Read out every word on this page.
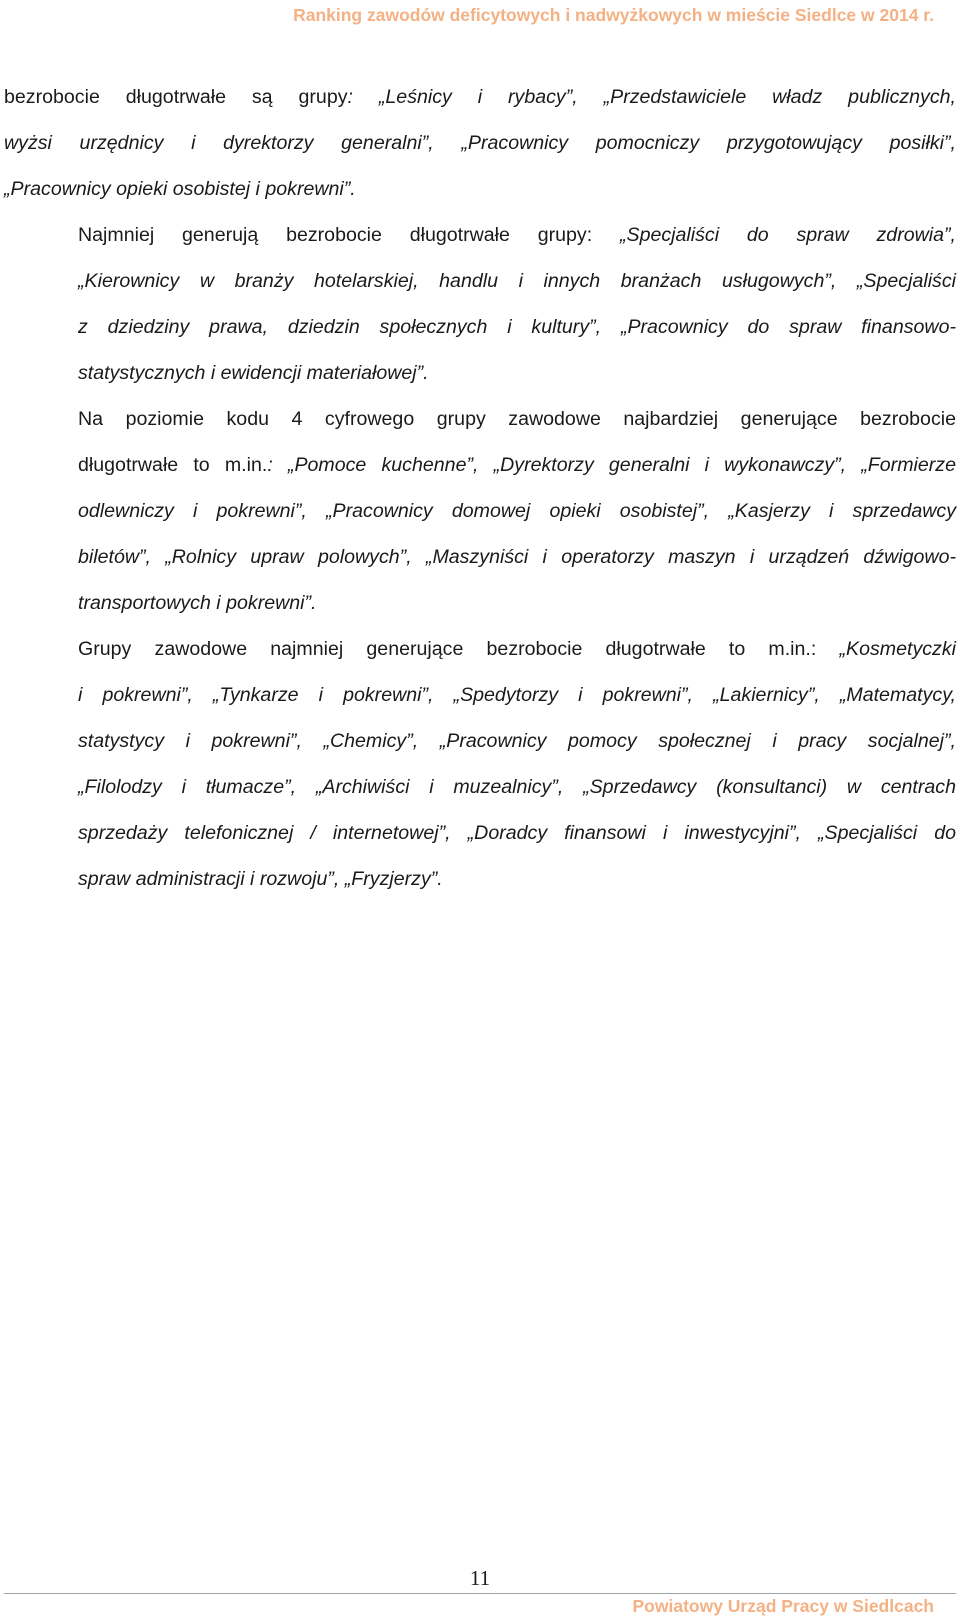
Ranking zawodów deficytowych i nadwyżkowych w mieście Siedlce w 2014 r.

bezrobocie długotrwałe są grupy: „Leśnicy i rybacy”, „Przedstawiciele władz publicznych,
wyżsi urzędnicy i dyrektorzy generalni”, „Pracownicy pomocniczy przygotowujący posiłki”,
„Pracownicy opieki osobistej i pokrewni”.

Najmniej generują bezrobocie długotrwałe grupy: „Specjaliści do spraw zdrowia”,
„Kierownicy w branży hotelarskiej, handlu i innych branżach usługowych”, „Specjaliści
z dziedziny prawa, dziedzin społecznych i kultury”, „Pracownicy do spraw finansowo-
statystycznych i ewidencji materiałowej”.

Na poziomie kodu 4 cyfrowego grupy zawodowe najbardziej generujące bezrobocie
długotrwałe to m.in.: „Pomoce kuchenne”, „Dyrektorzy generalni i wykonawczy”, „Formierze
odlewniczy i pokrewni”, „Pracownicy domowej opieki osobistej”, „Kasjerzy i sprzedawcy
biletów”, „Rolnicy upraw polowych”, „Maszyniści i operatorzy maszyn i urządzeń dźwigowo-
transportowych i pokrewni”.

Grupy zawodowe najmniej generujące bezrobocie długotrwałe to m.in.: „Kosmetyczki
i pokrewni”, „Tynkarze i pokrewni”, „Spedytorzy i pokrewni”, „Lakiernicy”, „Matematycy,
statystycy i pokrewni”, „Chemicy”, „Pracownicy pomocy społecznej i pracy socjalnej”,
„Filolodzy i tłumacze”, „Archiwiści i muzealnicy”, „Sprzedawcy (konsultanci) w centrach
sprzedaży telefonicznej / internetowej”, „Doradcy finansowi i inwestycyjni”, „Specjaliści do
spraw administracji i rozwoju”, „Fryzjerzy”.

11
Powiatowy Urząd Pracy w Siedlcach
